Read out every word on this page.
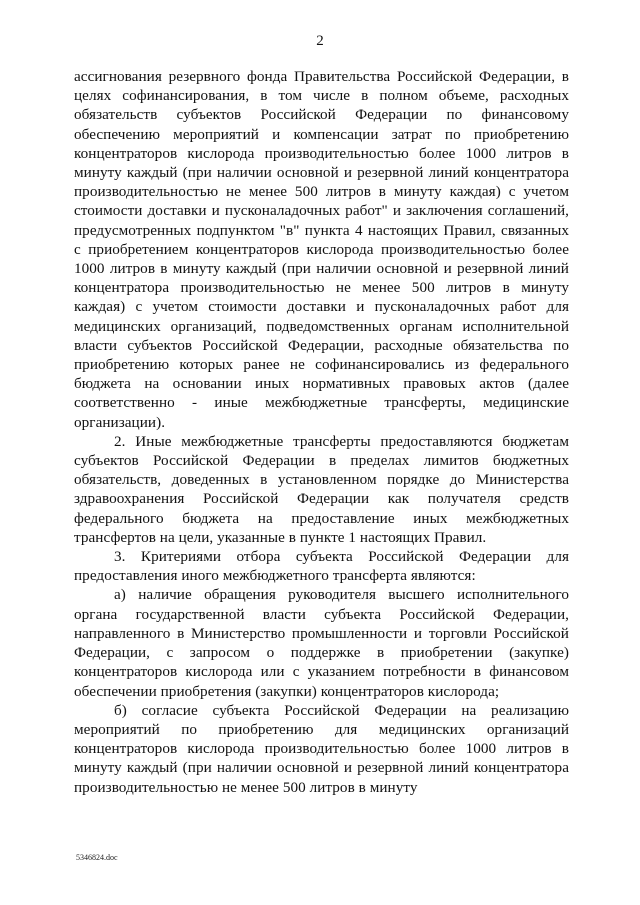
2

ассигнования резервного фонда Правительства Российской Федерации, в целях софинансирования, в том числе в полном объеме, расходных обязательств субъектов Российской Федерации по финансовому обеспечению мероприятий и компенсации затрат по приобретению концентраторов кислорода производительностью более 1000 литров в минуту каждый (при наличии основной и резервной линий концентратора производительностью не менее 500 литров в минуту каждая) с учетом стоимости доставки и пусконаладочных работ" и заключения соглашений, предусмотренных подпунктом "в" пункта 4 настоящих Правил, связанных с приобретением концентраторов кислорода производительностью более 1000 литров в минуту каждый (при наличии основной и резервной линий концентратора производительностью не менее 500 литров в минуту каждая) с учетом стоимости доставки и пусконаладочных работ для медицинских организаций, подведомственных органам исполнительной власти субъектов Российской Федерации, расходные обязательства по приобретению которых ранее не софинансировались из федерального бюджета на основании иных нормативных правовых актов (далее соответственно - иные межбюджетные трансферты, медицинские организации).

2. Иные межбюджетные трансферты предоставляются бюджетам субъектов Российской Федерации в пределах лимитов бюджетных обязательств, доведенных в установленном порядке до Министерства здравоохранения Российской Федерации как получателя средств федерального бюджета на предоставление иных межбюджетных трансфертов на цели, указанные в пункте 1 настоящих Правил.

3. Критериями отбора субъекта Российской Федерации для предоставления иного межбюджетного трансферта являются:

а) наличие обращения руководителя высшего исполнительного органа государственной власти субъекта Российской Федерации, направленного в Министерство промышленности и торговли Российской Федерации, с запросом о поддержке в приобретении (закупке) концентраторов кислорода или с указанием потребности в финансовом обеспечении приобретения (закупки) концентраторов кислорода;

б) согласие субъекта Российской Федерации на реализацию мероприятий по приобретению для медицинских организаций концентраторов кислорода производительностью более 1000 литров в минуту каждый (при наличии основной и резервной линий концентратора производительностью не менее 500 литров в минуту

5346824.doc
